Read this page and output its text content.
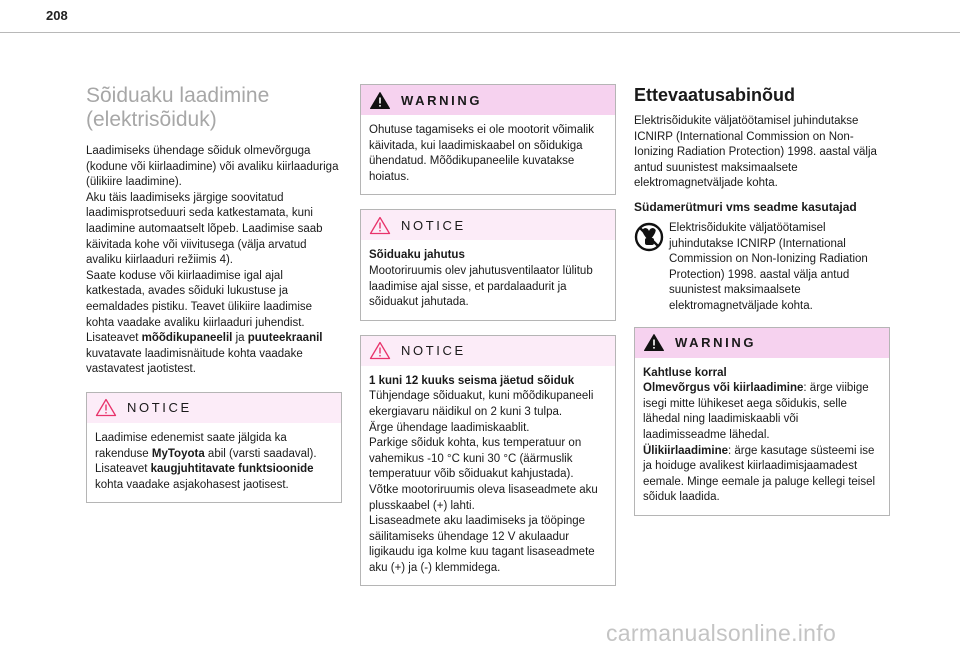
208
Sõiduaku laadimine
(elektrisõiduk)

Laadimiseks ühendage sõiduk olmevõrguga (kodune või kiirlaadimine) või avaliku kiirlaaduriga (ülikiire laadimine).

Aku täis laadimiseks järgige soovitatud laadimisprotseduuri seda katkestamata, kuni laadimine automaatselt lõpeb. Laadimise saab käivitada kohe või viivitusega (välja arvatud avaliku kiirlaaduri režiimis 4).

Saate koduse või kiirlaadimise igal ajal katkestada, avades sõiduki lukustuse ja eemaldades pistiku. Teavet ülikiire laadimise kohta vaadake avaliku kiirlaaduri juhendist.

Lisateavet mõõdikupaneelil ja puuteekraanil kuvatavate laadimisnäitude kohta vaadake vastavatest jaotistest.

NOTICE

Laadimise edenemist saate jälgida ka rakenduse MyToyota abil (varsti saadaval).

Lisateavet kaugjuhtitavate funktsioonide kohta vaadake asjakohasest jaotisest.

WARNING

Ohutuse tagamiseks ei ole mootorit võimalik käivitada, kui laadimiskaabel on sõidukiga ühendatud. Mõõdikupaneelile kuvatakse hoiatus.

NOTICE

Sõiduaku jahutus

Mootoriruumis olev jahutusventilaator lülitub laadimise ajal sisse, et pardalaadurit ja sõiduakut jahutada.

NOTICE

1 kuni 12 kuuks seisma jäetud sõiduk

Tühjendage sõiduakut, kuni mõõdikupaneeli ekergiavaru näidikul on 2 kuni 3 tulpa.

Ärge ühendage laadimiskaablit.

Parkige sõiduk kohta, kus temperatuur on vahemikus -10 °C kuni 30 °C (äärmuslik temperatuur võib sõiduakut kahjustada).

Võtke mootoriruumis oleva lisaseadmete aku plusskaabel (+) lahti.

Lisaseadmete aku laadimiseks ja tööpinge säilitamiseks ühendage 12 V akulaadur ligikaudu iga kolme kuu tagant lisaseadmete aku (+) ja (-) klemmidega.

Ettevaatusabinõud

Elektrisõidukite väljatöötamisel juhindutakse ICNIRP (International Commission on Non-Ionizing Radiation Protection) 1998. aastal välja antud suunistest maksimaalsete elektromagnetväljade kohta.

Südamerütmuri vms seadme kasutajad
Elektrisõidukite väljatöötamisel juhindutakse ICNIRP (International Commission on Non-Ionizing Radiation Protection) 1998. aastal välja antud suunistest maksimaalsete elektromagnetväljade kohta.
WARNING

Kahtluse korral

Olmevõrgus või kiirlaadimine: ärge viibige isegi mitte lühikeset aega sõidukis, selle lähedal ning laadimiskaabli või laadimisseadme lähedal.

Ülikiirlaadimine: ärge kasutage süsteemi ise ja hoiduge avalikest kiirlaadimisjaamadest eemale. Minge eemale ja paluge kellegi teisel sõiduk laadida.

carmanualsonline.info
